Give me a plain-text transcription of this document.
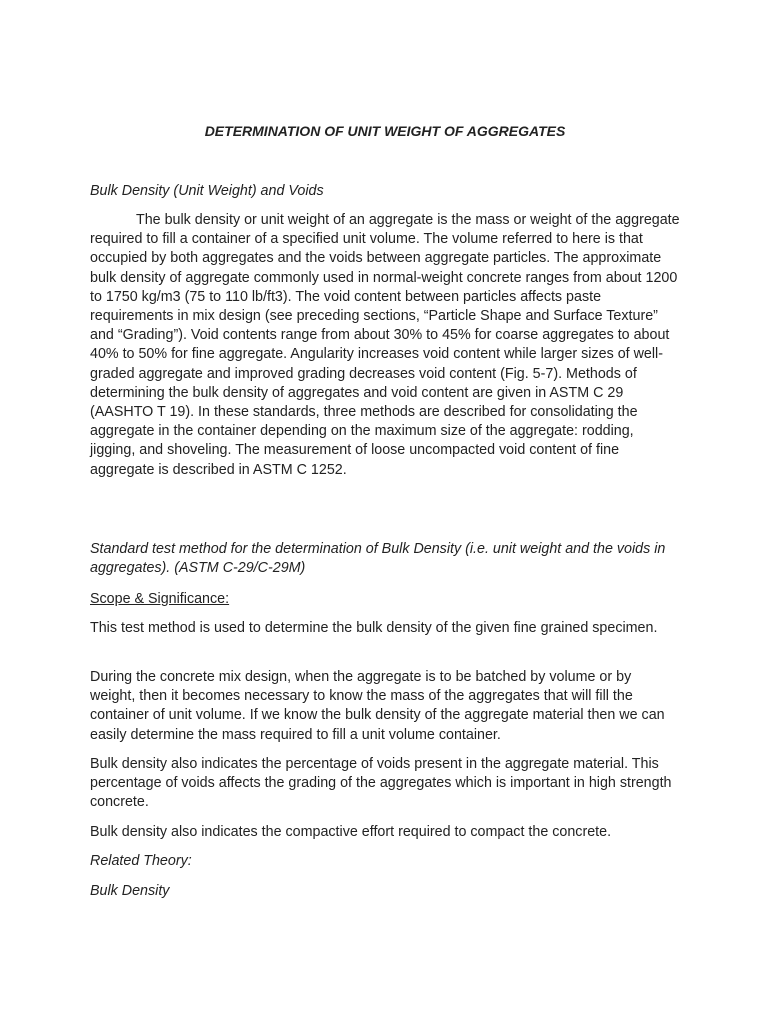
DETERMINATION OF UNIT WEIGHT OF AGGREGATES

Bulk Density (Unit Weight) and Voids

The bulk density or unit weight of an aggregate is the mass or weight of the aggregate required to fill a container of a specified unit volume. The volume referred to here is that occupied by both aggregates and the voids between aggregate particles. The approximate bulk density of aggregate commonly used in normal-weight concrete ranges from about 1200 to 1750 kg/m3 (75 to 110 lb/ft3). The void content between particles affects paste requirements in mix design (see preceding sections, “Particle Shape and Surface Texture” and “Grading”). Void contents range from about 30% to 45% for coarse aggregates to about 40% to 50% for fine aggregate. Angularity increases void content while larger sizes of well-graded aggregate and improved grading decreases void content (Fig. 5-7). Methods of determining the bulk density of aggregates and void content are given in ASTM C 29 (AASHTO T 19). In these standards, three methods are described for consolidating the aggregate in the container depending on the maximum size of the aggregate: rodding, jigging, and shoveling. The measurement of loose uncompacted void content of fine aggregate is described in ASTM C 1252.

Standard test method for the determination of Bulk Density (i.e. unit weight and the voids in aggregates). (ASTM C-29/C-29M)

Scope & Significance:

This test method is used to determine the bulk density of the given fine grained specimen.

During the concrete mix design, when the aggregate is to be batched by volume or by weight, then it becomes necessary to know the mass of the aggregates that will fill the container of unit volume. If we know the bulk density of the aggregate material then we can easily determine the mass required to fill a unit volume container.

Bulk density also indicates the percentage of voids present in the aggregate material. This percentage of voids affects the grading of the aggregates which is important in high strength concrete.

Bulk density also indicates the compactive effort required to compact the concrete.

Related Theory:

Bulk Density
